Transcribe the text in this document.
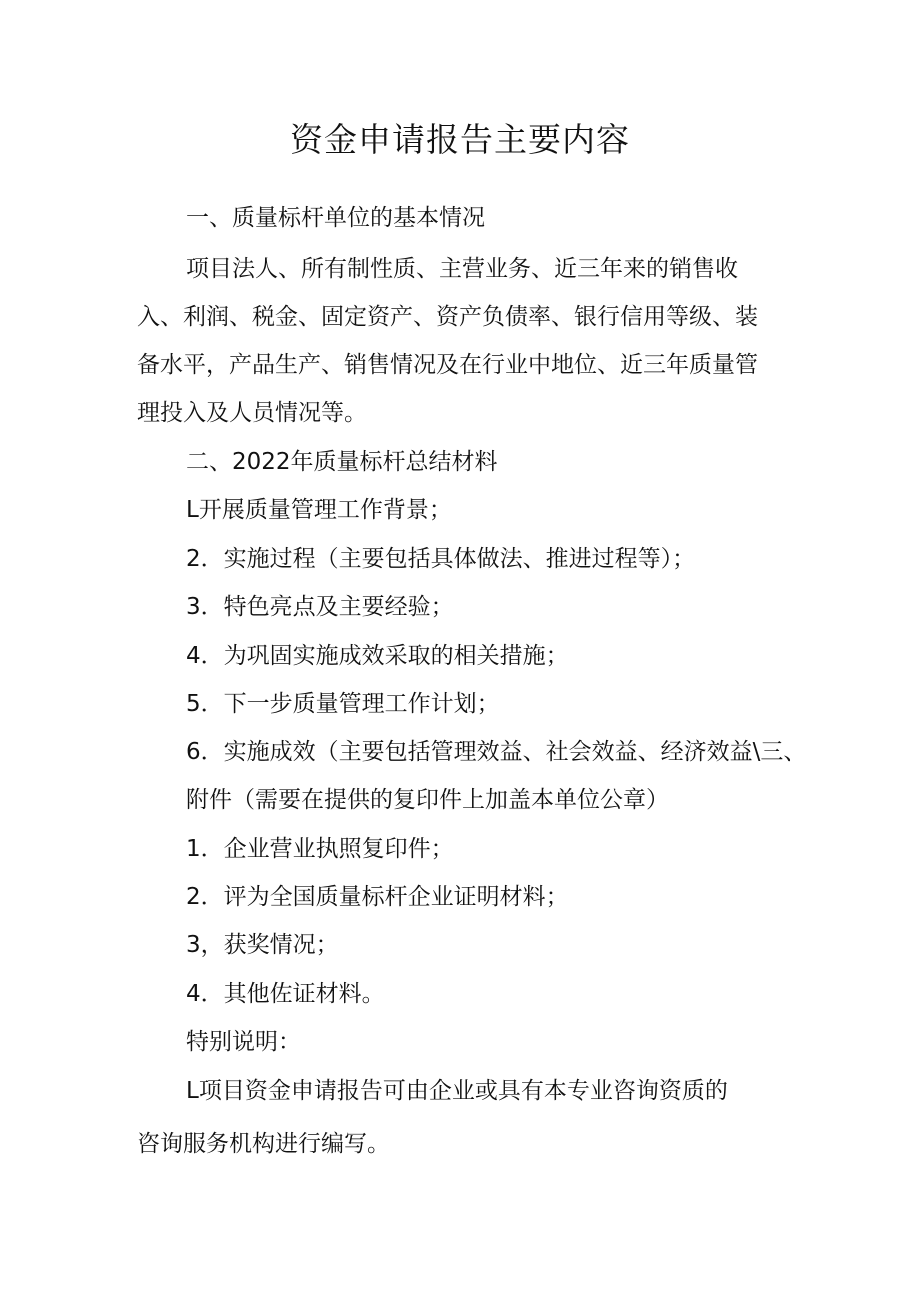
资金申请报告主要内容
一、质量标杆单位的基本情况
项目法人、所有制性质、主营业务、近三年来的销售收
入、利润、税金、固定资产、资产负债率、银行信用等级、装
备水平，产品生产、销售情况及在行业中地位、近三年质量管
理投入及人员情况等。
二、2022年质量标杆总结材料
L开展质量管理工作背景；
2．实施过程（主要包括具体做法、推进过程等）；
3．特色亮点及主要经验；
4．为巩固实施成效采取的相关措施；
5．下一步质量管理工作计划；
6．实施成效（主要包括管理效益、社会效益、经济效益\三、
附件（需要在提供的复印件上加盖本单位公章）
1．企业营业执照复印件；
2．评为全国质量标杆企业证明材料；
3，获奖情况；
4．其他佐证材料。
特别说明：
L项目资金申请报告可由企业或具有本专业咨询资质的
咨询服务机构进行编写。
